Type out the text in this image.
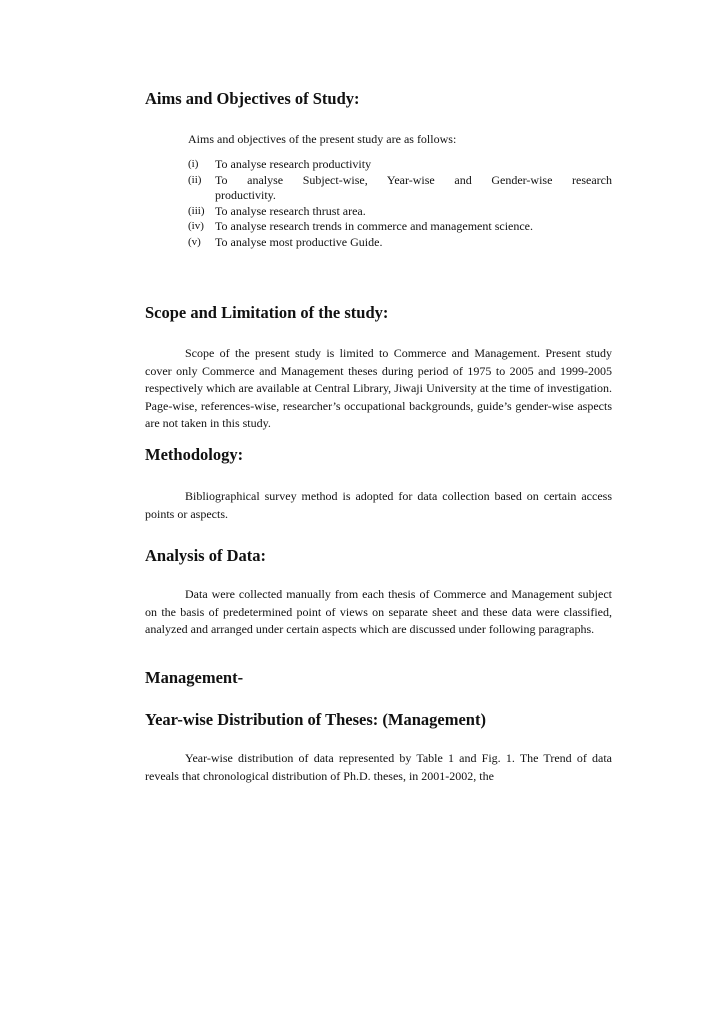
Aims and Objectives of Study:
Aims and objectives of the present study are as follows:
(i)	To analyse research productivity
(ii)	To analyse Subject-wise, Year-wise and Gender-wise research
productivity.
(iii) To analyse research thrust area.
(iv) To analyse research trends in commerce and management science.
(v)	To analyse most productive Guide.
Scope and Limitation of the study:

Scope of the present study is limited to Commerce and Management. Present study cover only Commerce and Management theses during period of 1975 to 2005 and 1999-2005 respectively which are available at Central Library, Jiwaji University at the time of investigation. Page-wise, references-wise, researcher’s occupational backgrounds, guide’s gender-wise aspects are not taken in this study.

Methodology:

Bibliographical survey method is adopted for data collection based on certain access points or aspects.

Analysis of Data:

Data were collected manually from each thesis of Commerce and Management subject on the basis of predetermined point of views on separate sheet and these data were classified, analyzed and arranged under certain aspects which are discussed under following paragraphs.

Management-
Year-wise Distribution of Theses: (Management)

Year-wise distribution of data represented by Table 1 and Fig. 1. The Trend of data reveals that chronological distribution of Ph.D. theses, in 2001-2002, the
